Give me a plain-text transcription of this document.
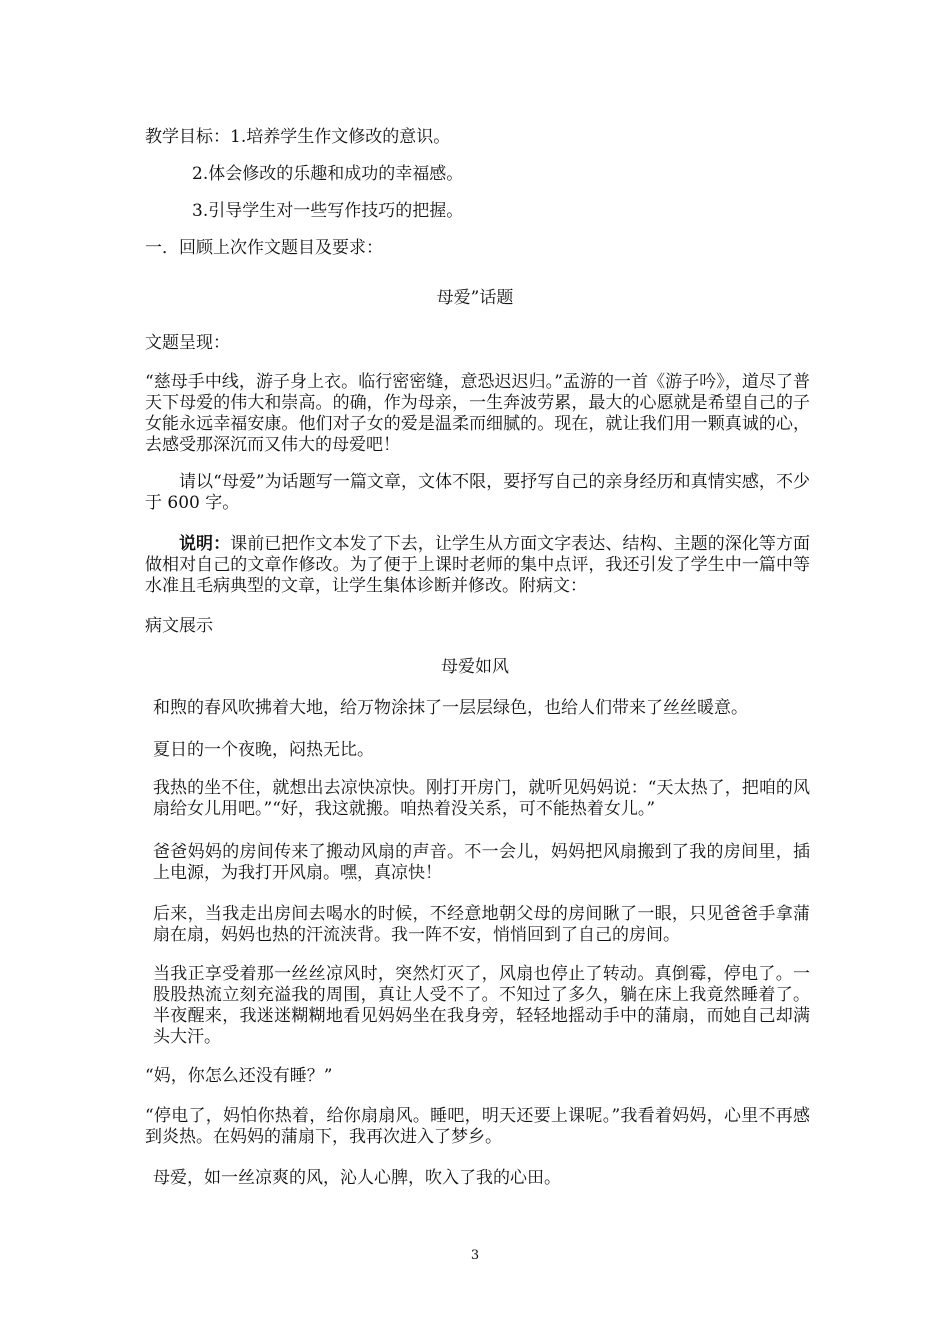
教学目标：1.培养学生作文修改的意识。
2.体会修改的乐趣和成功的幸福感。
3.引导学生对一些写作技巧的把握。
一．回顾上次作文题目及要求：
母爱”话题
文题呈现：
“慈母手中线，游子身上衣。临行密密缝，意恐迟迟归。”孟游的一首《游子吟》，道尽了普天下母爱的伟大和崇高。的确，作为母亲，一生奔波劳累，最大的心愿就是希望自己的子女能永远幸福安康。他们对子女的爱是温柔而细腻的。现在，就让我们用一颗真诚的心，去感受那深沉而又伟大的母爱吧！
请以“母爱”为话题写一篇文章，文体不限，要抒写自己的亲身经历和真情实感，不少于 600 字。
说明：课前已把作文本发了下去，让学生从方面文字表达、结构、主题的深化等方面做相对自己的文章作修改。为了便于上课时老师的集中点评，我还引发了学生中一篇中等水准且毛病典型的文章，让学生集体诊断并修改。附病文：
病文展示
母爱如风
和煦的春风吹拂着大地，给万物涂抹了一层层绿色，也给人们带来了丝丝暖意。
夏日的一个夜晚，闷热无比。
我热的坐不住，就想出去凉快凉快。刚打开房门，就听见妈妈说：“天太热了，把咱的风扇给女儿用吧。”“好，我这就搬。咱热着没关系，可不能热着女儿。”
爸爸妈妈的房间传来了搬动风扇的声音。不一会儿，妈妈把风扇搬到了我的房间里，插上电源，为我打开风扇。嘿，真凉快！
后来，当我走出房间去喝水的时候，不经意地朝父母的房间瞅了一眼，只见爸爸手拿蒲扇在扇，妈妈也热的汗流浃背。我一阵不安，悄悄回到了自己的房间。
当我正享受着那一丝丝凉风时，突然灯灭了，风扇也停止了转动。真倒霉，停电了。一股股热流立刻充溢我的周围，真让人受不了。不知过了多久，躺在床上我竟然睡着了。半夜醒来，我迷迷糊糊地看见妈妈坐在我身旁，轻轻地摇动手中的蒲扇，而她自己却满头大汗。
“妈，你怎么还没有睡？”
“停电了，妈怕你热着，给你扇扇风。睡吧，明天还要上课呢。”我看着妈妈，心里不再感到炎热。在妈妈的蒲扇下，我再次进入了梦乡。
母爱，如一丝凉爽的风，沁人心脾，吹入了我的心田。
3
